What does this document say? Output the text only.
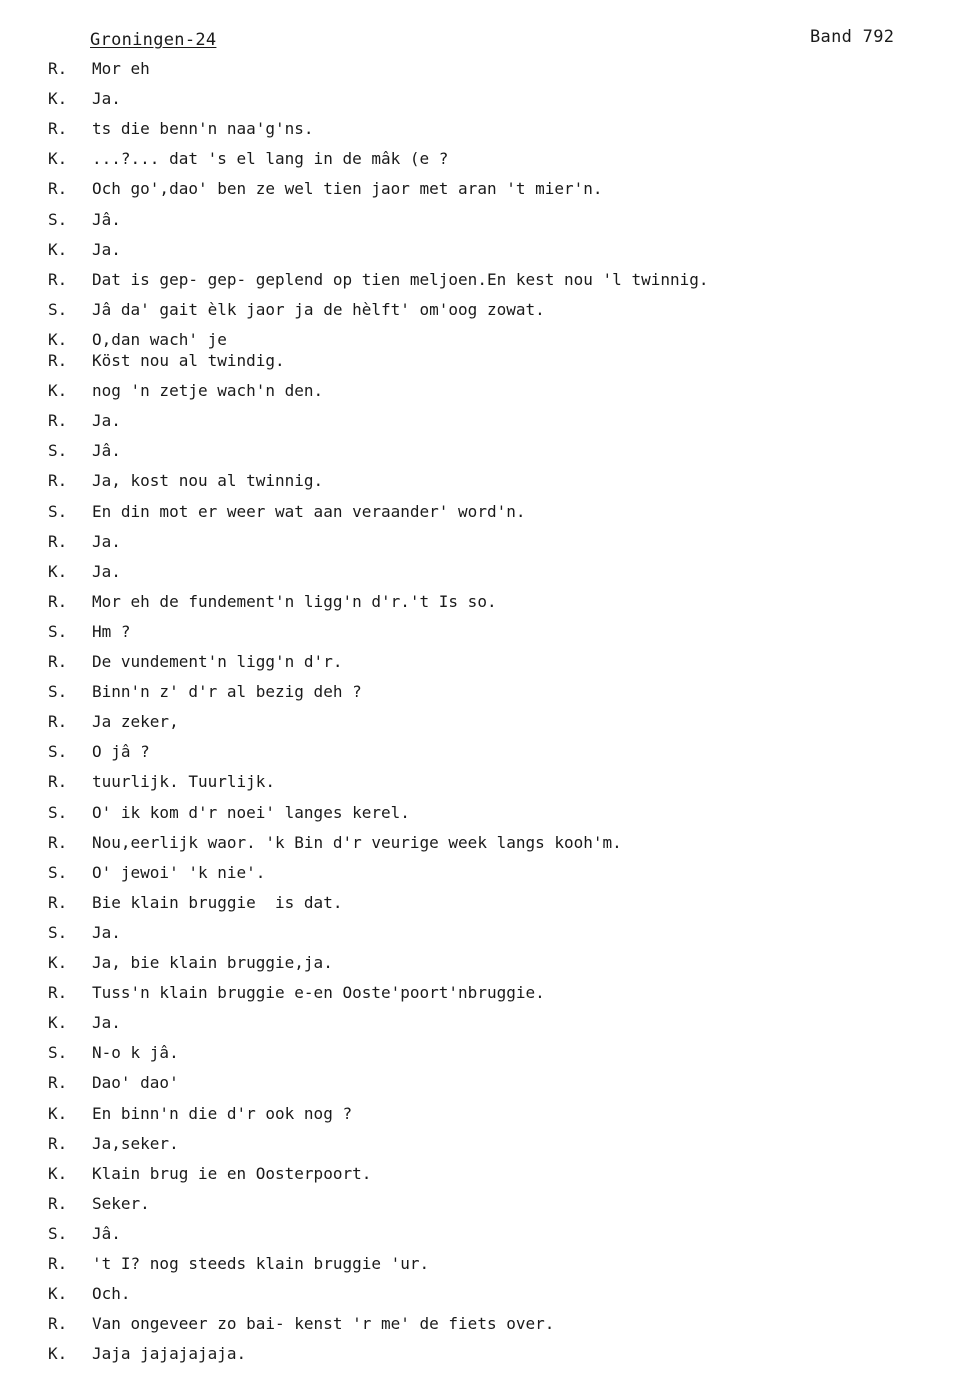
Groningen-24	Band 792
R. Mor eh
K. Ja.
R. ts die benn'n naa'g'ns.
K. ...?... dat 's el lang in de mâk (e ?
R. Och go',dao' ben ze wel tien jaor met aran 't mier'n.
S. Jâ.
K. Ja.
R. Dat is gep- gep- geplend op tien meljoen.En kest nou 'l twinnig.
S. Jâ da' gait èlk jaor ja de hèlft' om'oog zowat.
K. O,dan wach' je
R. Köst nou al twindig.
K. nog 'n zetje wach'n den.
R. Ja.
S. Jâ.
R. Ja, kost nou al twinnig.
S. En din mot er weer wat aan veraander' word'n.
R. Ja.
K. Ja.
R. Mor eh de fundement'n ligg'n d'r.'t Is so.
S. Hm ?
R. De vundement'n ligg'n d'r.
S. Binn'n z' d'r al bezig deh ?
R. Ja zeker,
S. O jâ ?
R. tuurlijk. Tuurlijk.
S. O' ik kom d'r noei' langes kerel.
R. Nou,eerlijk waor. 'k Bin d'r veurige week langs kooh'm.
S. O' jewoi' 'k nie'.
R. Bie klain bruggie  is dat.
S. Ja.
K. Ja, bie klain bruggie,ja.
R. Tuss'n klain bruggie e-en Ooste'poort'nbruggie.
K. Ja.
S. N-o k jâ.
R. Dao' dao'
K. En binn'n die d'r ook nog ?
R. Ja,seker.
K. Klain brug ie en Oosterpoort.
R. Seker.
S. Jâ.
R. 't I? nog steeds klain bruggie 'ur.
K. Och.
R. Van ongeveer zo bai- kenst 'r me' de fiets over.
K. Jaja jajajajaja.
